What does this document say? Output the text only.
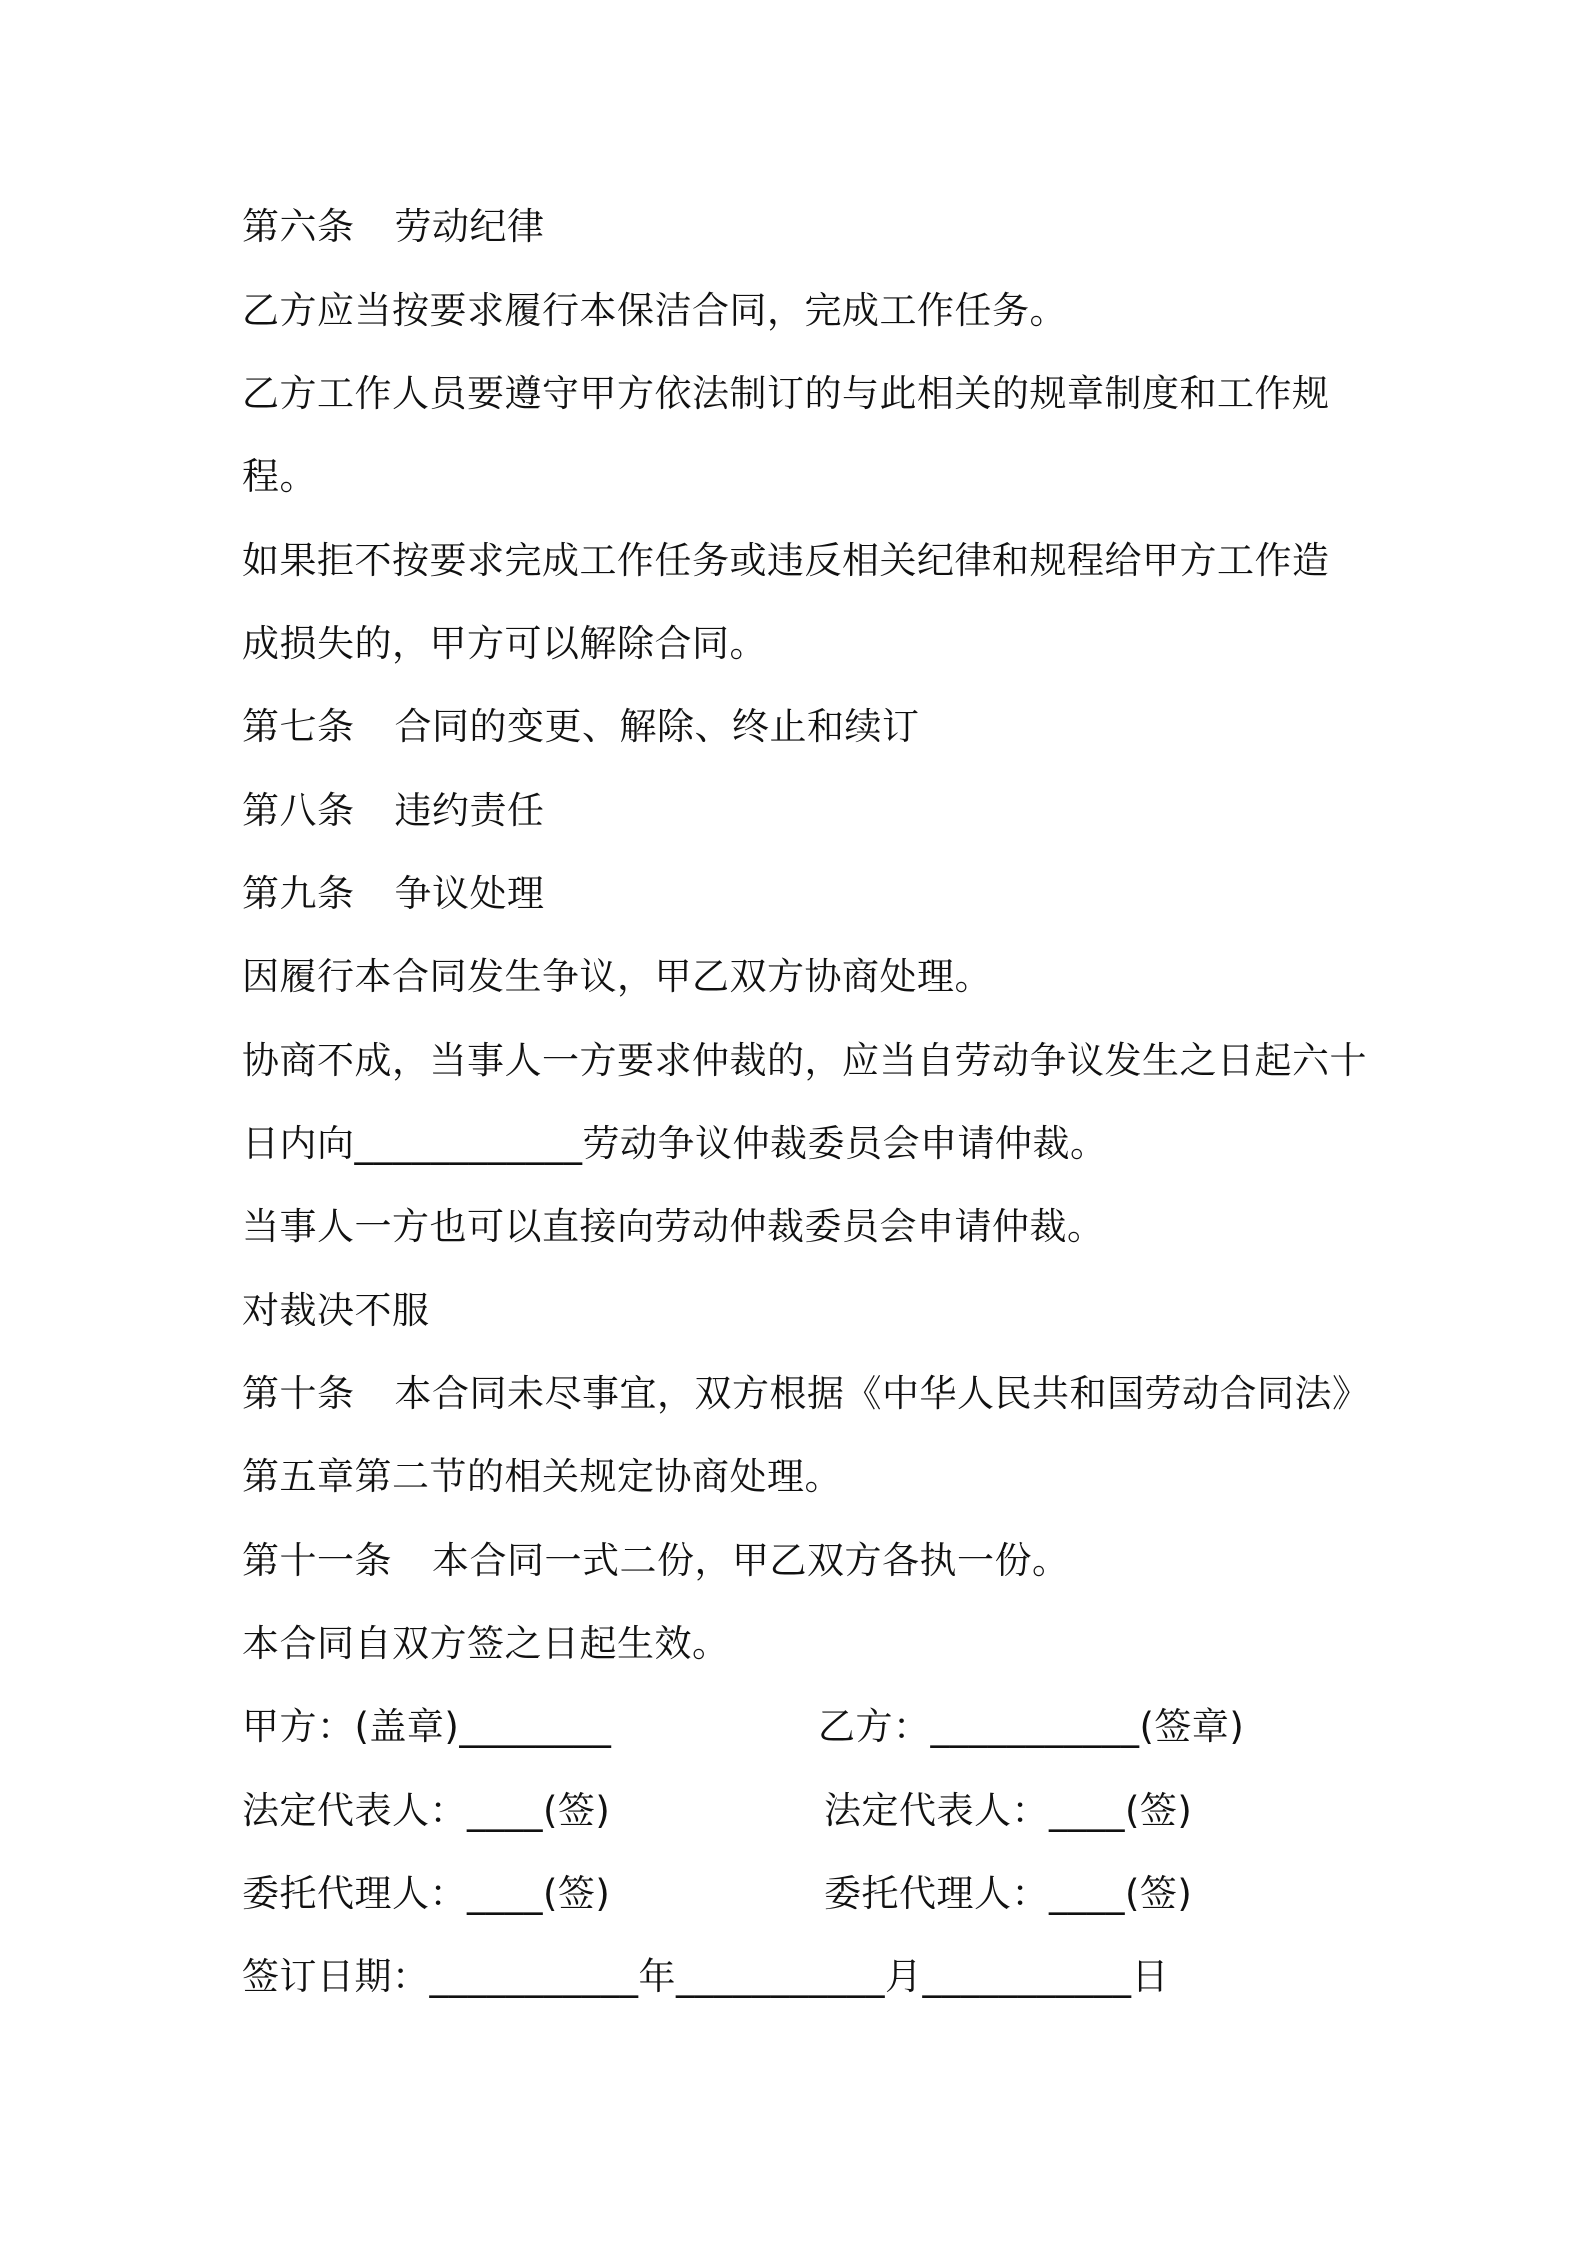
第六条 劳动纪律
乙方应当按要求履行本保洁合同，完成工作任务。
乙方工作人员要遵守甲方依法制订的与此相关的规章制度和工作规
程。
如果拒不按要求完成工作任务或违反相关纪律和规程给甲方工作造
成损失的，甲方可以解除合同。
第七条 合同的变更、解除、终止和续订
第八条 违约责任
第九条 争议处理
因履行本合同发生争议，甲乙双方协商处理。
协商不成，当事人一方要求仲裁的，应当自劳动争议发生之日起六十
日内向____________劳动争议仲裁委员会申请仲裁。
当事人一方也可以直接向劳动仲裁委员会申请仲裁。
对裁决不服
第十条 本合同未尽事宜，双方根据《中华人民共和国劳动合同法》
第五章第二节的相关规定协商处理。
第十一条 本合同一式二份，甲乙双方各执一份。
本合同自双方签之日起生效。
甲方：(盖章)________	乙方：___________(签章)
法定代表人：____(签)	法定代表人：____(签)
委托代理人：____(签)	委托代理人：____(签)
签订日期：___________年___________月___________日
